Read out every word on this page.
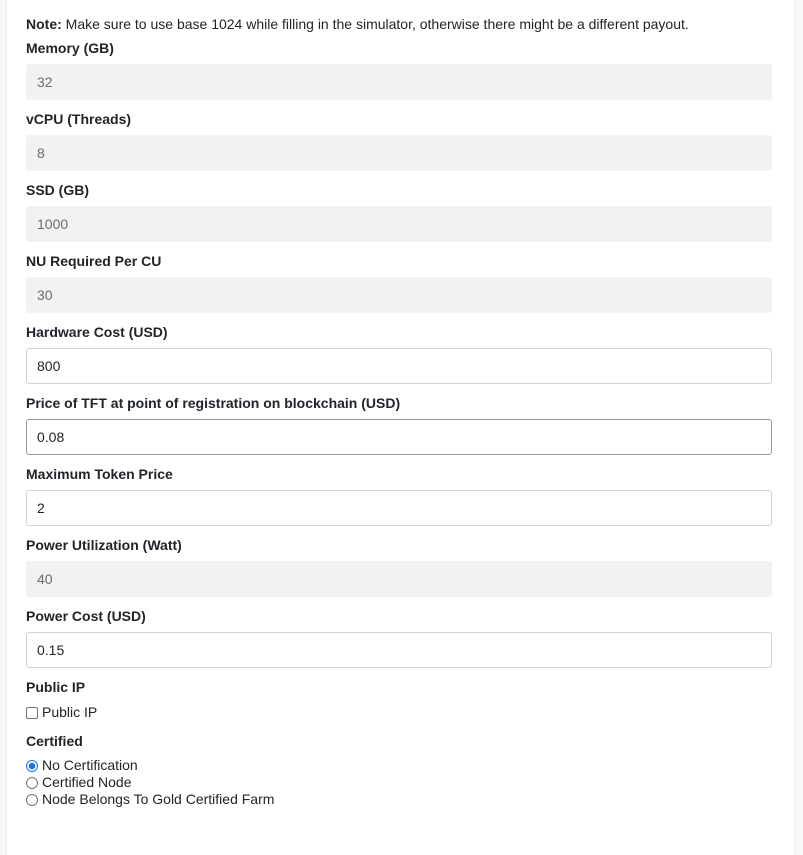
Note: Make sure to use base 1024 while filling in the simulator, otherwise there might be a different payout.
Memory (GB)
32
vCPU (Threads)
8
SSD (GB)
1000
NU Required Per CU
30
Hardware Cost (USD)
800
Price of TFT at point of registration on blockchain (USD)
0.08
Maximum Token Price
2
Power Utilization (Watt)
40
Power Cost (USD)
0.15
Public IP
Public IP
Certified
No Certification
Certified Node
Node Belongs To Gold Certified Farm
